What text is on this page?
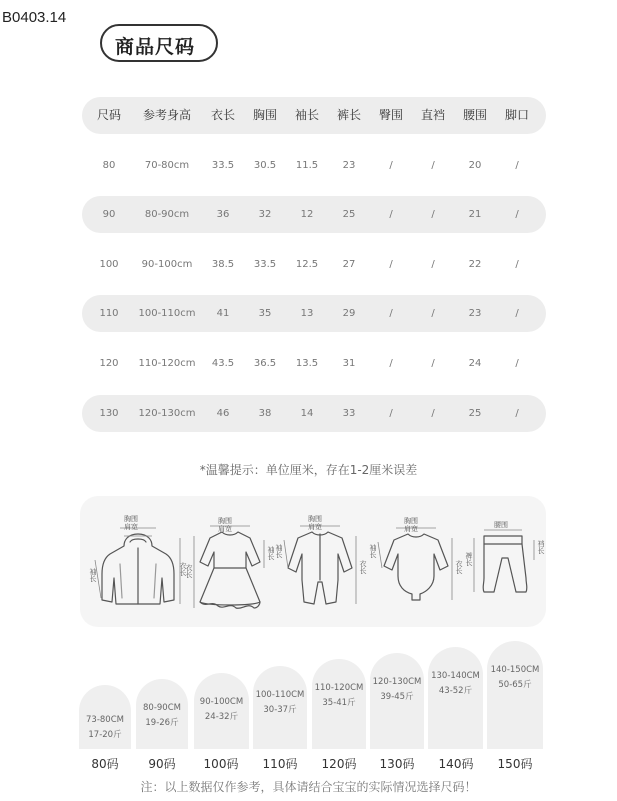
B0403.14
商品尺码
尺码	参考身高	衣长	胸围	袖长	裤长	臀围	直裆	腰围	脚口
80	70-80cm	33.5	30.5	11.5	23	/	/	20	/
90	80-90cm	36	32	12	25	/	/	21	/
100	90-100cm	38.5	33.5	12.5	27	/	/	22	/
110	100-110cm	41	35	13	29	/	/	23	/
120	110-120cm	43.5	36.5	13.5	31	/	/	24	/
130	120-130cm	46	38	14	33	/	/	25	/
*温馨提示：单位厘米，存在1-2厘米误差
胸围
肩宽
袖长	衣长
胸围
肩宽
衣长
袖长
胸围
肩宽
袖长
衣长
胸围
肩宽
袖长
衣长
腰围
裤长
裆长
73-80CM
17-20斤
80-90CM
19-26斤
90-100CM
24-32斤
100-110CM
30-37斤
110-120CM
35-41斤
120-130CM
39-45斤
130-140CM
43-52斤
140-150CM
50-65斤
80码	90码	100码	110码	120码	130码	140码	150码
注：以上数据仅作参考，具体请结合宝宝的实际情况选择尺码！
